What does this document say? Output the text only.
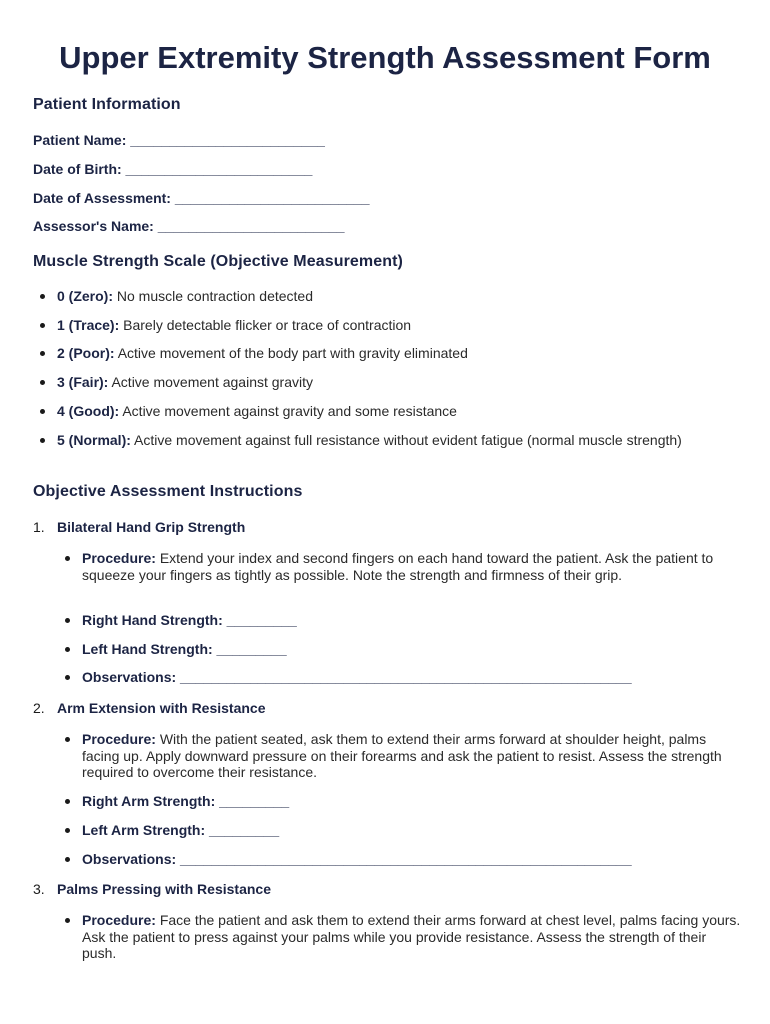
Upper Extremity Strength Assessment Form
Patient Information

Patient Name: _________________________

Date of Birth: ________________________

Date of Assessment: _________________________

Assessor's Name: ________________________

Muscle Strength Scale (Objective Measurement)

0 (Zero): No muscle contraction detected

1 (Trace): Barely detectable flicker or trace of contraction

2 (Poor): Active movement of the body part with gravity eliminated

3 (Fair): Active movement against gravity

4 (Good): Active movement against gravity and some resistance

5 (Normal): Active movement against full resistance without evident fatigue (normal muscle strength)

Objective Assessment Instructions

1. Bilateral Hand Grip Strength

Procedure: Extend your index and second fingers on each hand toward the patient. Ask the patient to squeeze your fingers as tightly as possible. Note the strength and firmness of their grip.

Right Hand Strength: _________

Left Hand Strength: _________

Observations: __________________________________________________________

2. Arm Extension with Resistance

Procedure: With the patient seated, ask them to extend their arms forward at shoulder height, palms facing up. Apply downward pressure on their forearms and ask the patient to resist. Assess the strength required to overcome their resistance.

Right Arm Strength: _________

Left Arm Strength: _________

Observations: __________________________________________________________

3. Palms Pressing with Resistance

Procedure: Face the patient and ask them to extend their arms forward at chest level, palms facing yours. Ask the patient to press against your palms while you provide resistance. Assess the strength of their push.
